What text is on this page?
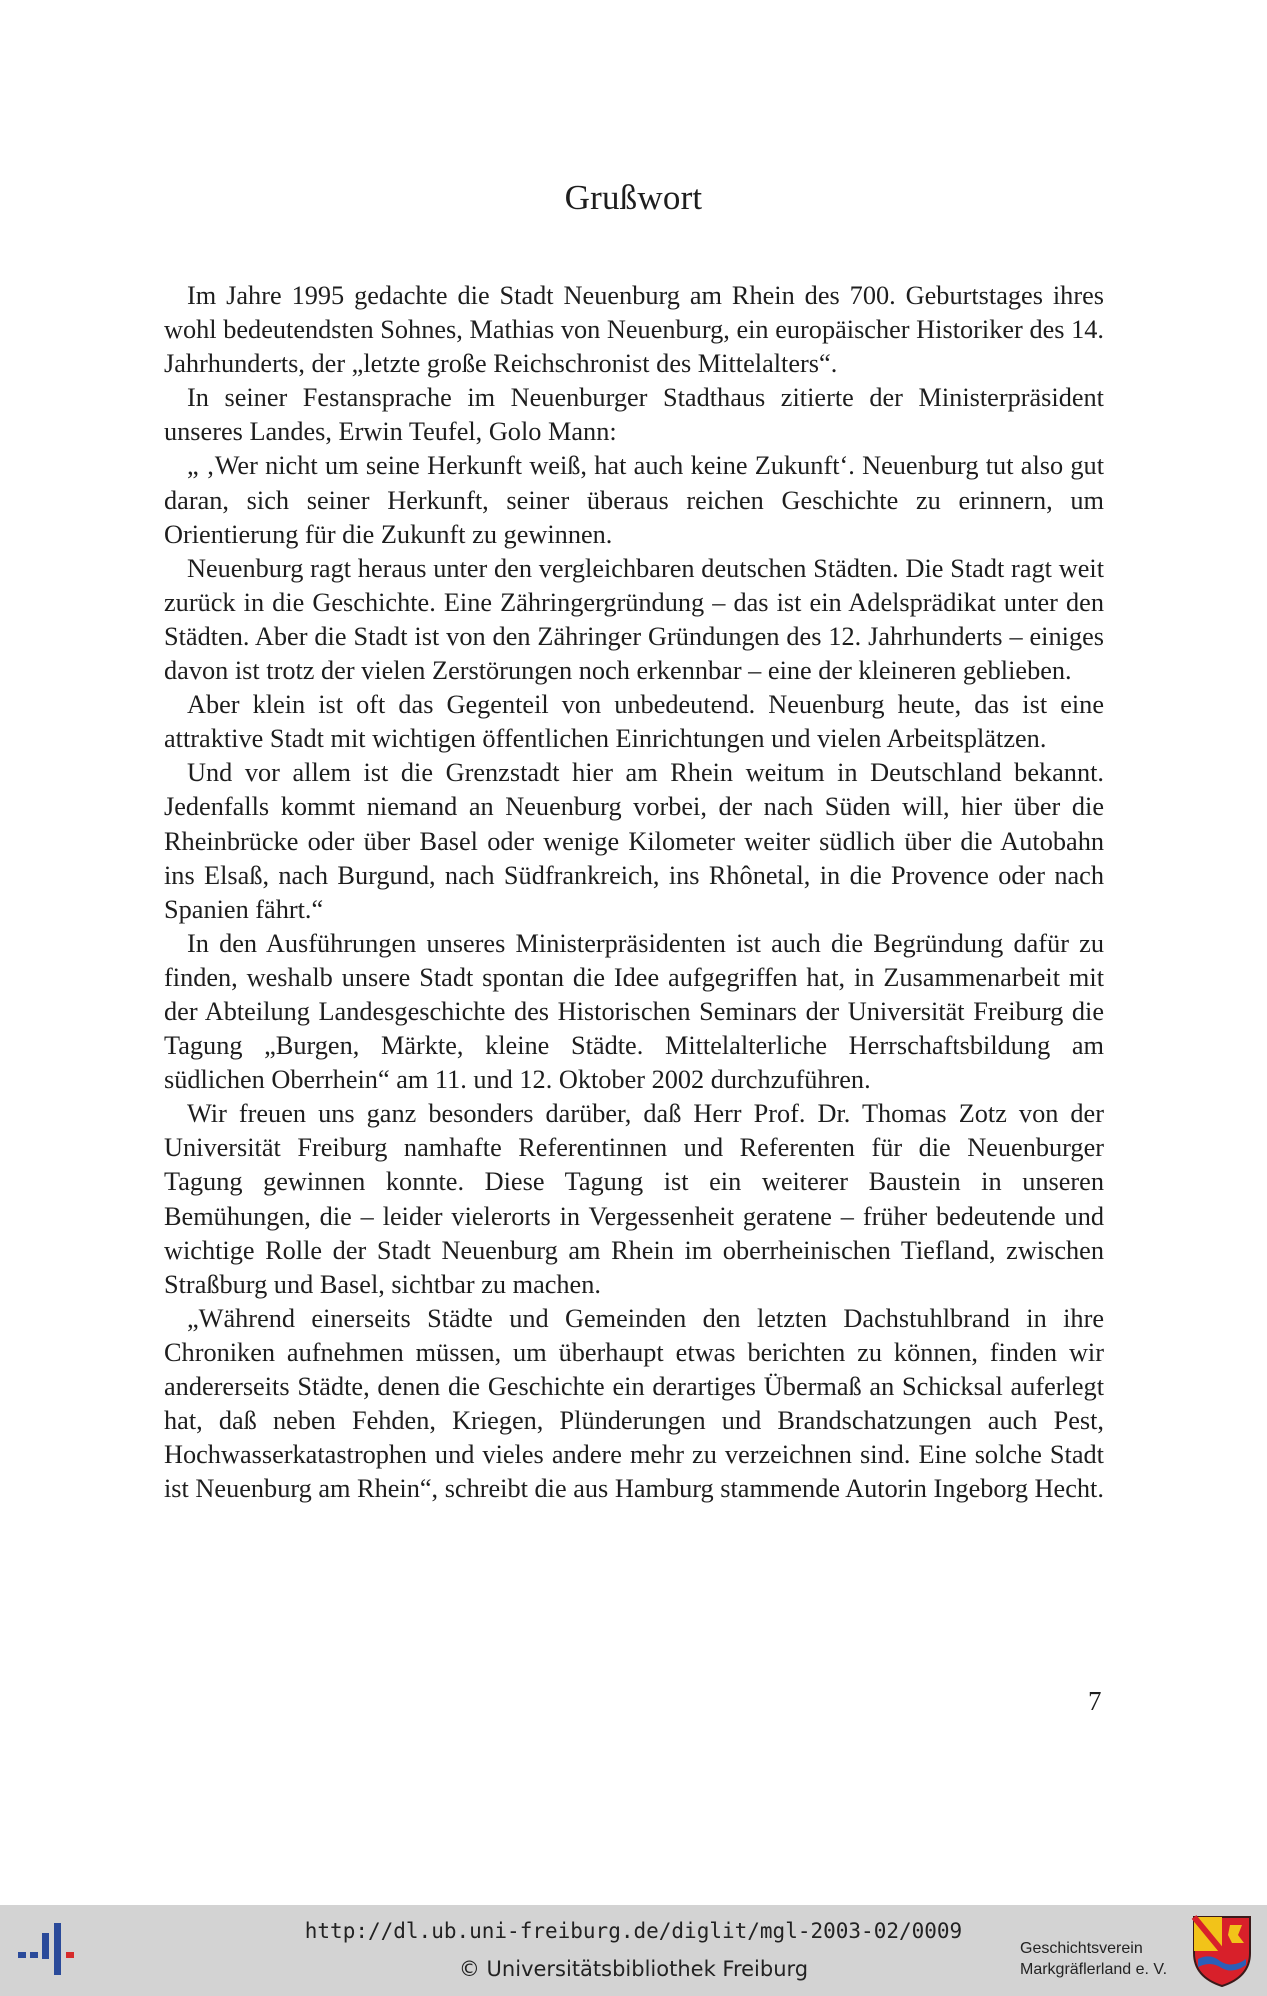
Grußwort

Im Jahre 1995 gedachte die Stadt Neuenburg am Rhein des 700. Geburtstages ihres wohl bedeutendsten Sohnes, Mathias von Neuenburg, ein europäischer Historiker des 14. Jahrhunderts, der „letzte große Reichschronist des Mittelalters“.

In seiner Festansprache im Neuenburger Stadthaus zitierte der Ministerpräsident unseres Landes, Erwin Teufel, Golo Mann:

„ ‚Wer nicht um seine Herkunft weiß, hat auch keine Zukunft‘. Neuenburg tut also gut daran, sich seiner Herkunft, seiner überaus reichen Geschichte zu erinnern, um Orientierung für die Zukunft zu gewinnen.

Neuenburg ragt heraus unter den vergleichbaren deutschen Städten. Die Stadt ragt weit zurück in die Geschichte. Eine Zähringergründung – das ist ein Adelsprädikat unter den Städten. Aber die Stadt ist von den Zähringer Gründungen des 12. Jahrhunderts – einiges davon ist trotz der vielen Zerstörungen noch erkennbar – eine der kleineren geblieben.

Aber klein ist oft das Gegenteil von unbedeutend. Neuenburg heute, das ist eine attraktive Stadt mit wichtigen öffentlichen Einrichtungen und vielen Arbeitsplätzen.

Und vor allem ist die Grenzstadt hier am Rhein weitum in Deutschland bekannt. Jedenfalls kommt niemand an Neuenburg vorbei, der nach Süden will, hier über die Rheinbrücke oder über Basel oder wenige Kilometer weiter südlich über die Autobahn ins Elsaß, nach Burgund, nach Südfrankreich, ins Rhônetal, in die Provence oder nach Spanien fährt.“

In den Ausführungen unseres Ministerpräsidenten ist auch die Begründung dafür zu finden, weshalb unsere Stadt spontan die Idee aufgegriffen hat, in Zusammenarbeit mit der Abteilung Landesgeschichte des Historischen Seminars der Universität Freiburg die Tagung „Burgen, Märkte, kleine Städte. Mittelalterliche Herrschaftsbildung am südlichen Oberrhein“ am 11. und 12. Oktober 2002 durchzuführen.

Wir freuen uns ganz besonders darüber, daß Herr Prof. Dr. Thomas Zotz von der Universität Freiburg namhafte Referentinnen und Referenten für die Neuenburger Tagung gewinnen konnte. Diese Tagung ist ein weiterer Baustein in unseren Bemühungen, die – leider vielerorts in Vergessenheit geratene – früher bedeutende und wichtige Rolle der Stadt Neuenburg am Rhein im oberrheinischen Tiefland, zwischen Straßburg und Basel, sichtbar zu machen.

„Während einerseits Städte und Gemeinden den letzten Dachstuhlbrand in ihre Chroniken aufnehmen müssen, um überhaupt etwas berichten zu können, finden wir andererseits Städte, denen die Geschichte ein derartiges Übermaß an Schicksal auferlegt hat, daß neben Fehden, Kriegen, Plünderungen und Brandschatzungen auch Pest, Hochwasserkatastrophen und vieles andere mehr zu verzeichnen sind. Eine solche Stadt ist Neuenburg am Rhein“, schreibt die aus Hamburg stammende Autorin Ingeborg Hecht.

7
http://dl.ub.uni-freiburg.de/diglit/mgl-2003-02/0009
© Universitätsbibliothek Freiburg
Geschichtsverein
Markgräflerland e. V.
